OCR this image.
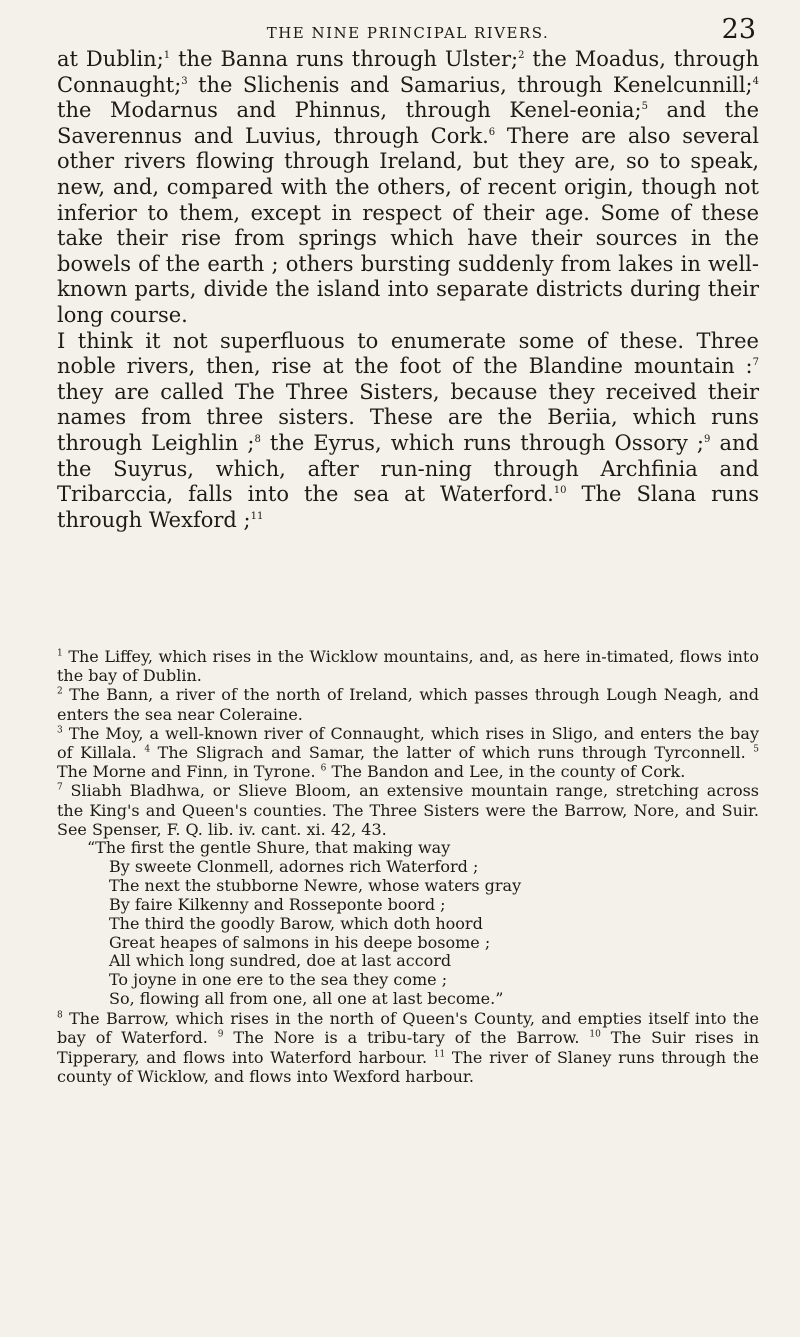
THE NINE PRINCIPAL RIVERS.	23

at Dublin;$^1$ the Banna runs through Ulster;$^2$ the Moadus, through Connaught;$^3$ the Slichenis and Samarius, through Kenelcunnill;$^4$ the Modarnus and Phinnus, through Kenel-eonia;$^5$ and the Saverennus and Luvius, through Cork.$^6$ There are also several other rivers flowing through Ireland, but they are, so to speak, new, and, compared with the others, of recent origin, though not inferior to them, except in respect of their age. Some of these take their rise from springs which have their sources in the bowels of the earth ; others bursting suddenly from lakes in well-known parts, divide the island into separate districts during their long course.

I think it not superfluous to enumerate some of these. Three noble rivers, then, rise at the foot of the Blandine mountain :$^7$ they are called The Three Sisters, because they received their names from three sisters. These are the Beriia, which runs through Leighlin ;$^8$ the Eyrus, which runs through Ossory ;$^9$ and the Suyrus, which, after run-ning through Archfinia and Tribarccia, falls into the sea at Waterford.$^{10}$ The Slana runs through Wexford ;$^{11}$

$^1$ The Liffey, which rises in the Wicklow mountains, and, as here in-timated, flows into the bay of Dublin.

$^2$ The Bann, a river of the north of Ireland, which passes through Lough Neagh, and enters the sea near Coleraine.

$^3$ The Moy, a well-known river of Connaught, which rises in Sligo, and enters the bay of Killala. $^4$ The Sligrach and Samar, the latter of which runs through Tyrconnell. $^5$ The Morne and Finn, in Tyrone. $^6$ The Bandon and Lee, in the county of Cork.

$^7$ Sliabh Bladhwa, or Slieve Bloom, an extensive mountain range, stretching across the King's and Queen's counties. The Three Sisters were the Barrow, Nore, and Suir. See Spenser, F. Q. lib. iv. cant. xi. 42, 43.

“The first the gentle Shure, that making way
By sweete Clonmell, adornes rich Waterford ;
The next the stubborne Newre, whose waters gray
By faire Kilkenny and Rosseponte boord ;
The third the goodly Barow, which doth hoord
Great heapes of salmons in his deepe bosome ;
All which long sundred, doe at last accord
To joyne in one ere to the sea they come ;
So, flowing all from one, all one at last become.”

$^8$ The Barrow, which rises in the north of Queen's County, and empties itself into the bay of Waterford. $^9$ The Nore is a tribu-tary of the Barrow. $^{10}$ The Suir rises in Tipperary, and flows into Waterford harbour. $^{11}$ The river of Slaney runs through the county of Wicklow, and flows into Wexford harbour.
